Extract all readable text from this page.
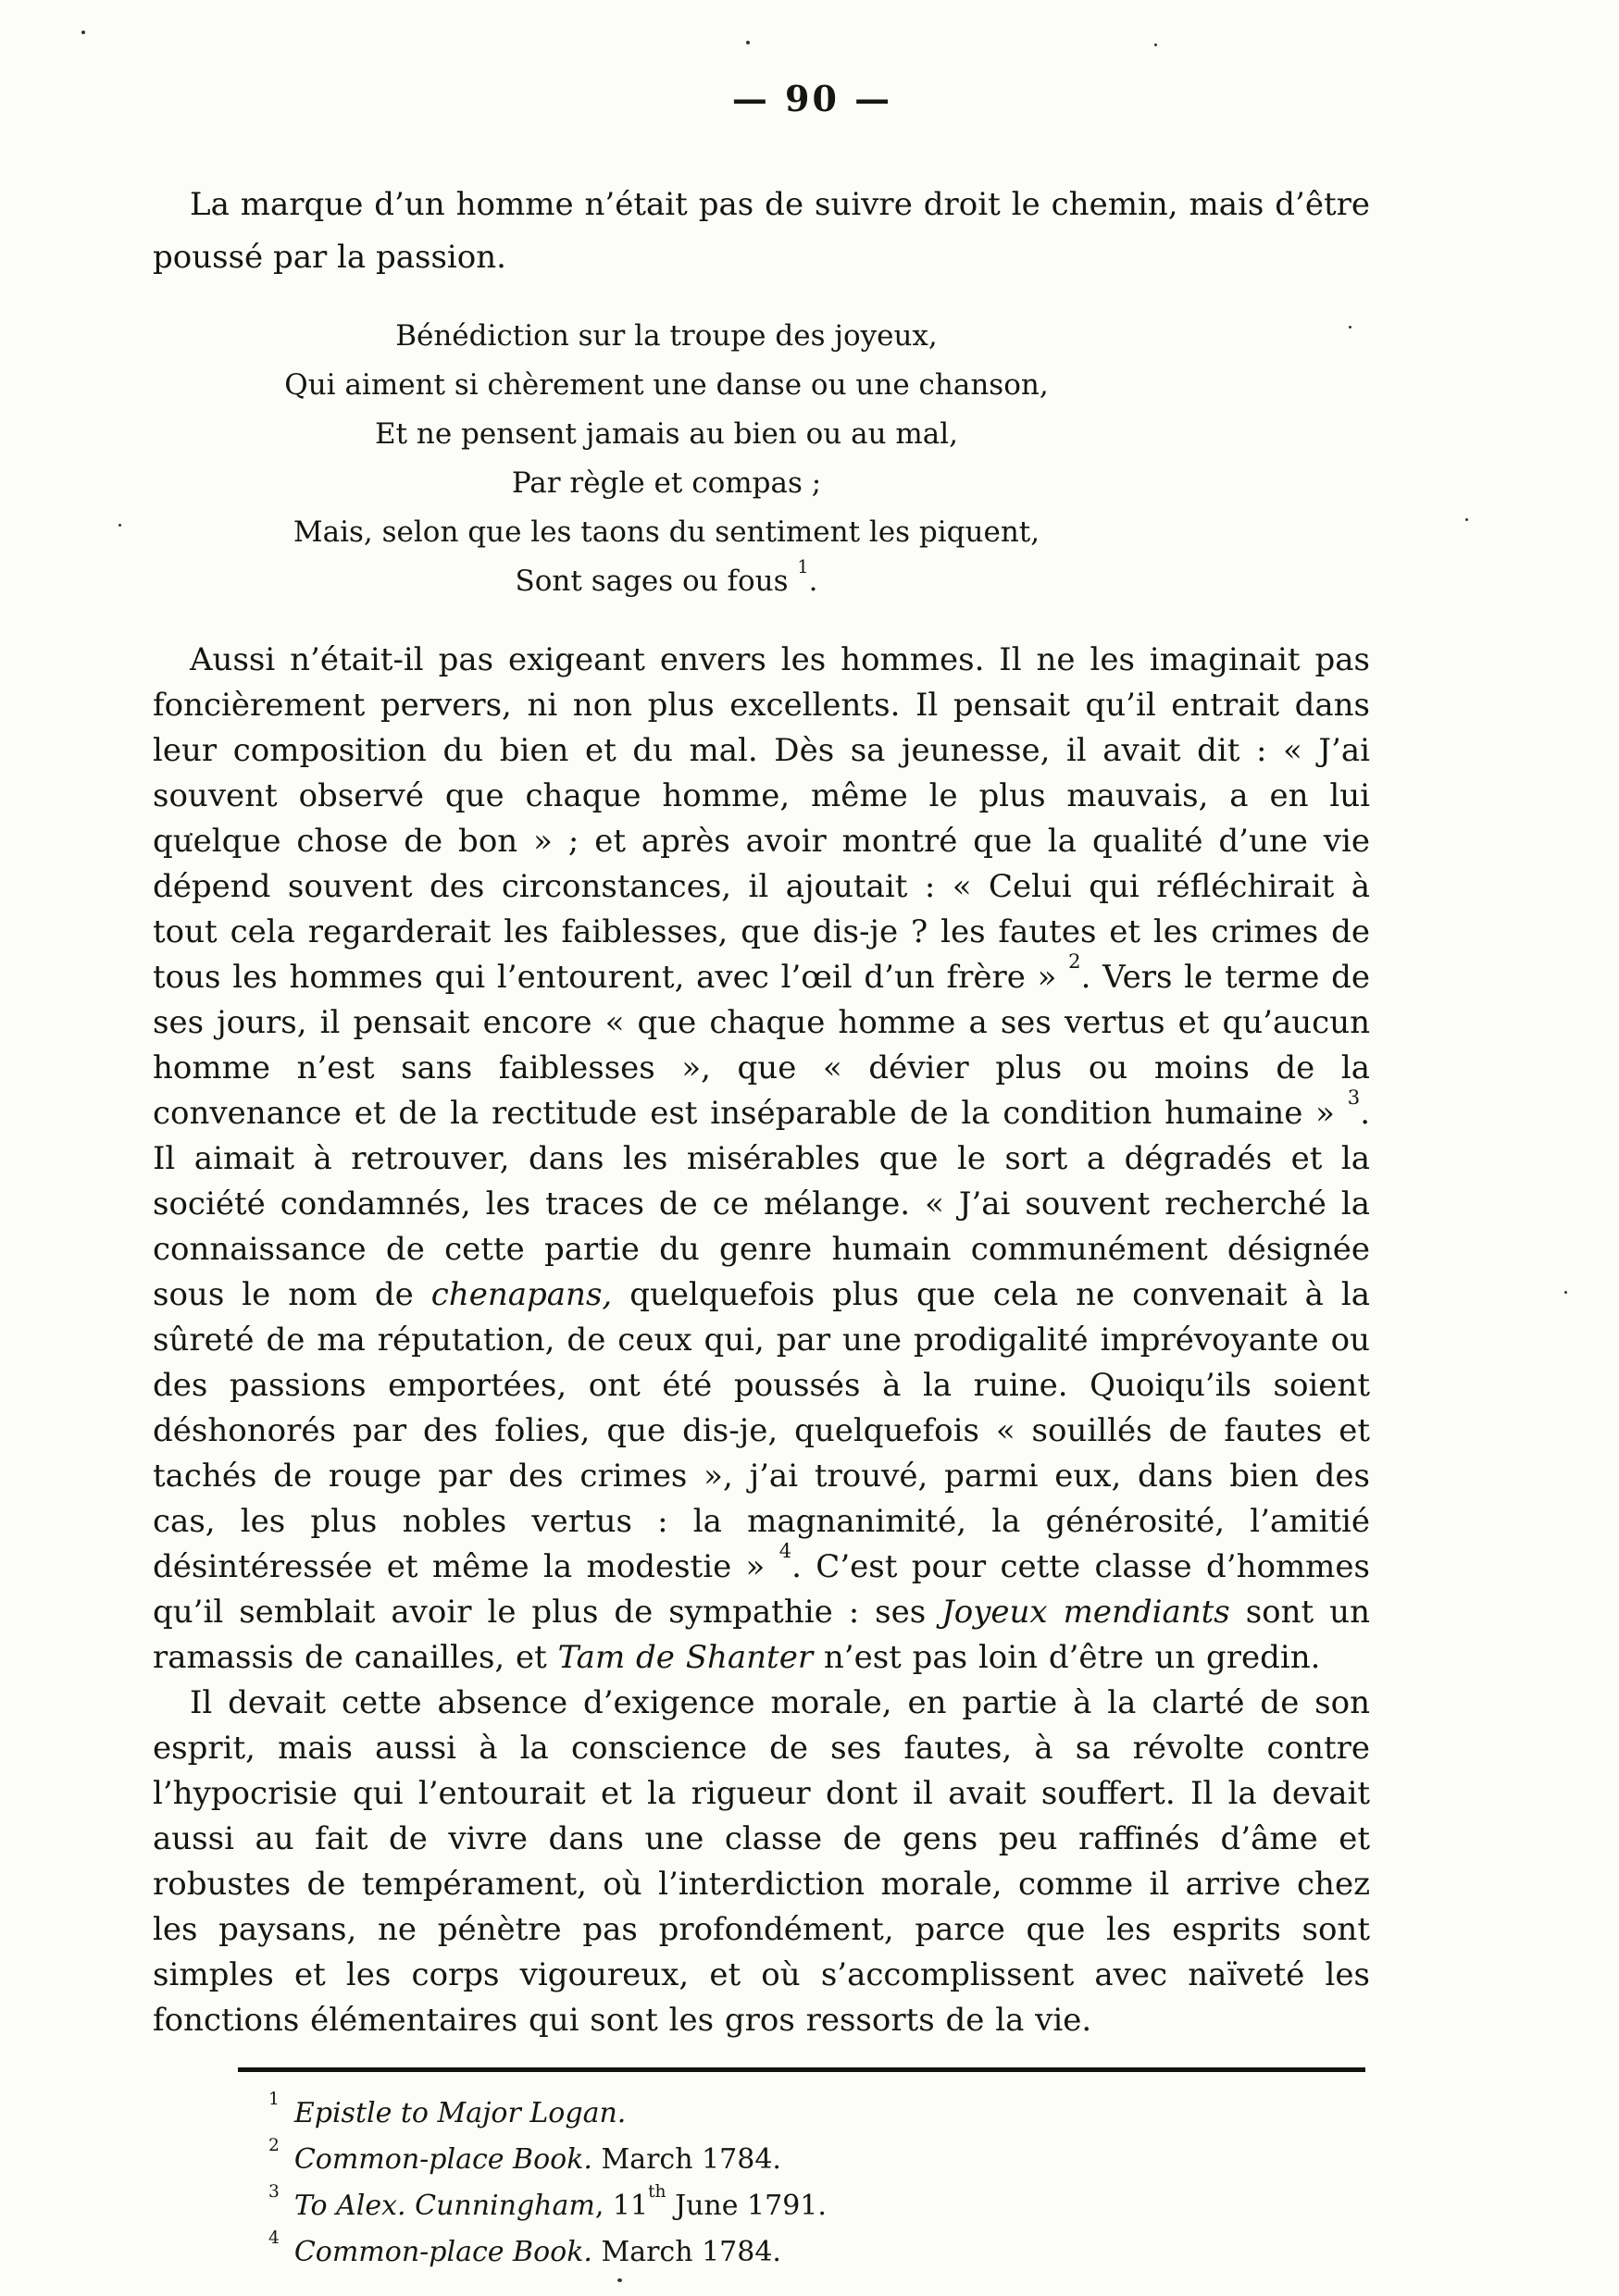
— 90 —

La marque d’un homme n’était pas de suivre droit le chemin, mais d’être poussé par la passion.

Bénédiction sur la troupe des joyeux,
Qui aiment si chèrement une danse ou une chanson,
Et ne pensent jamais au bien ou au mal,
Par règle et compas ;
Mais, selon que les taons du sentiment les piquent,
Sont sages ou fous $^1$.

Aussi n’était-il pas exigeant envers les hommes. Il ne les imaginait pas foncièrement pervers, ni non plus excellents. Il pensait qu’il entrait dans leur composition du bien et du mal. Dès sa jeunesse, il avait dit : « J’ai souvent observé que chaque homme, même le plus mauvais, a en lui quelque chose de bon » ; et après avoir montré que la qualité d’une vie dépend souvent des circonstances, il ajoutait : « Celui qui réfléchirait à tout cela regarderait les faiblesses, que dis-je ? les fautes et les crimes de tous les hommes qui l’entourent, avec l’œil d’un frère » $^2$. Vers le terme de ses jours, il pensait encore « que chaque homme a ses vertus et qu’aucun homme n’est sans faiblesses », que « dévier plus ou moins de la convenance et de la rectitude est inséparable de la condition humaine » $^3$. Il aimait à retrouver, dans les misérables que le sort a dégradés et la société condamnés, les traces de ce mélange. « J’ai souvent recherché la connaissance de cette partie du genre humain communément désignée sous le nom de chenapans, quelquefois plus que cela ne convenait à la sûreté de ma réputation, de ceux qui, par une prodigalité imprévoyante ou des passions emportées, ont été poussés à la ruine. Quoiqu’ils soient déshonorés par des folies, que dis-je, quelquefois « souillés de fautes et tachés de rouge par des crimes », j’ai trouvé, parmi eux, dans bien des cas, les plus nobles vertus : la magnanimité, la générosité, l’amitié désintéressée et même la modestie » $^4$. C’est pour cette classe d’hommes qu’il semblait avoir le plus de sympathie : ses Joyeux mendiants sont un ramassis de canailles, et Tam de Shanter n’est pas loin d’être un gredin.

Il devait cette absence d’exigence morale, en partie à la clarté de son esprit, mais aussi à la conscience de ses fautes, à sa révolte contre l’hypocrisie qui l’entourait et la rigueur dont il avait souffert. Il la devait aussi au fait de vivre dans une classe de gens peu raffinés d’âme et robustes de tempérament, où l’interdiction morale, comme il arrive chez les paysans, ne pénètre pas profondément, parce que les esprits sont simples et les corps vigoureux, et où s’accomplissent avec naïveté les fonctions élémentaires qui sont les gros ressorts de la vie.

$^1$ Epistle to Major Logan.
$^2$ Common-place Book. March 1784.
$^3$ To Alex. Cunningham, 11th June 1791.
$^4$ Common-place Book. March 1784.
